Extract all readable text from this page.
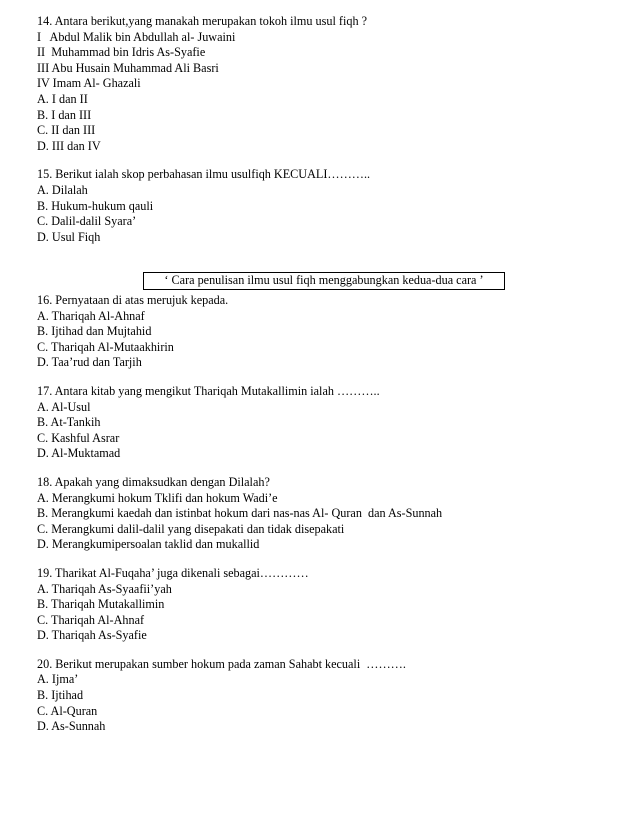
14. Antara berikut,yang manakah merupakan tokoh ilmu usul fiqh ?
I   Abdul Malik bin Abdullah al- Juwaini
II  Muhammad bin Idris As-Syafie
III Abu Husain Muhammad Ali Basri
IV Imam Al- Ghazali
A. I dan II
B. I dan III
C. II dan III
D. III dan IV
15. Berikut ialah skop perbahasan ilmu usulfiqh KECUALI………..
A. Dilalah
B. Hukum-hukum qauli
C. Dalil-dalil Syara’
D. Usul Fiqh
‘ Cara penulisan ilmu usul fiqh menggabungkan kedua-dua cara ’
16. Pernyataan di atas merujuk kepada.
A. Thariqah Al-Ahnaf
B. Ijtihad dan Mujtahid
C. Thariqah Al-Mutaakhirin
D. Taa’rud dan Tarjih
17. Antara kitab yang mengikut Thariqah Mutakallimin ialah ………..
A. Al-Usul
B. At-Tankih
C. Kashful Asrar
D. Al-Muktamad
18. Apakah yang dimaksudkan dengan Dilalah?
A. Merangkumi hokum Tklifi dan hokum Wadi’e
B. Merangkumi kaedah dan istinbat hokum dari nas-nas Al- Quran  dan As-Sunnah
C. Merangkumi dalil-dalil yang disepakati dan tidak disepakati
D. Merangkumipersoalan taklid dan mukallid
19. Tharikat Al-Fuqaha’ juga dikenali sebagai…………
A. Thariqah As-Syaafii’yah
B. Thariqah Mutakallimin
C. Thariqah Al-Ahnaf
D. Thariqah As-Syafie
20. Berikut merupakan sumber hokum pada zaman Sahabt kecuali  ……….
A. Ijma’
B. Ijtihad
C. Al-Quran
D. As-Sunnah
